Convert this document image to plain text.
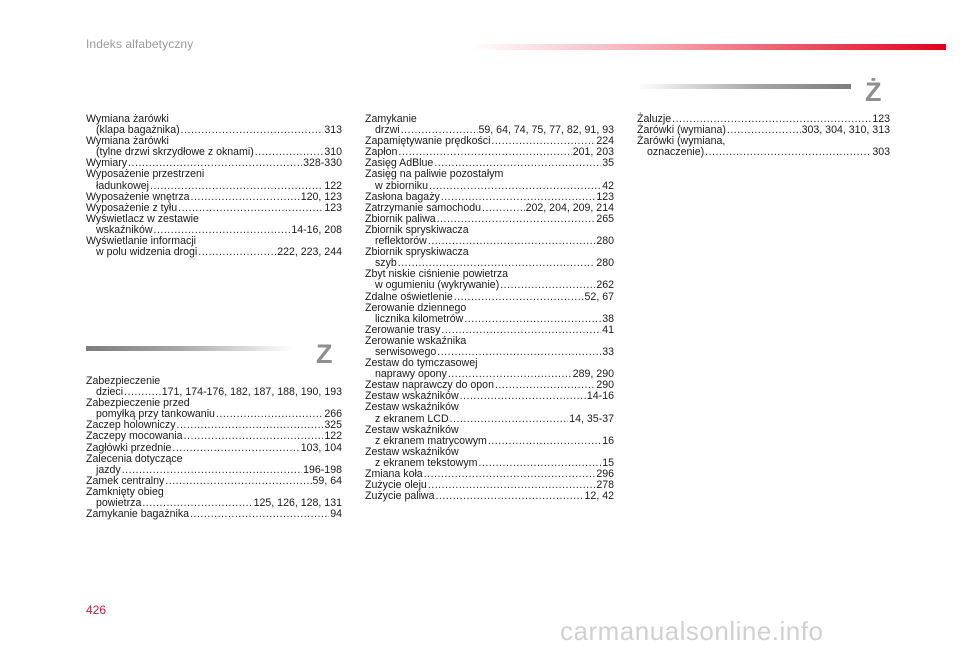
Indeks alfabetyczny
Wymiana żarówki
(klapa bagażnika) .....	313
Wymiana żarówki
(tylne drzwi skrzydłowe z oknami) .....	310
Wymiary .....	328-330
Wyposażenie przestrzeni
ładunkowej .....	122
Wyposażenie wnętrza .....	120, 123
Wyposażenie z tyłu .....	123
Wyświetlacz w zestawie
wskaźników .....	14-16, 208
Wyświetlanie informacji
w polu widzenia drogi .....	222, 223, 244
Z
Zabezpieczenie
dzieci .....	171, 174-176, 182, 187, 188, 190, 193
Zabezpieczenie przed
pomyłką przy tankowaniu .....	266
Zaczep holowniczy .....	325
Zaczepy mocowania .....	122
Zagłówki przednie .....	103, 104
Zalecenia dotyczące
jazdy .....	196-198
Zamek centralny .....	59, 64
Zamknięty obieg
powietrza .....	125, 126, 128, 131
Zamykanie bagażnika .....	94
Zamykanie
drzwi .....	59, 64, 74, 75, 77, 82, 91, 93
Zapamiętywanie prędkości .....	224
Zapłon .....	201, 203
Zasięg AdBlue .....	35
Zasięg na paliwie pozostałym
w zbiorniku .....	42
Zasłona bagaży .....	123
Zatrzymanie samochodu .....	202, 204, 209, 214
Zbiornik paliwa .....	265
Zbiornik spryskiwacza
reflektorów .....	280
Zbiornik spryskiwacza
szyb .....	280
Zbyt niskie ciśnienie powietrza
w ogumieniu (wykrywanie) .....	262
Zdalne oświetlenie .....	52, 67
Zerowanie dziennego
licznika kilometrów .....	38
Zerowanie trasy .....	41
Zerowanie wskaźnika
serwisowego .....	33
Zestaw do tymczasowej
naprawy opony .....	289, 290
Zestaw naprawczy do opon .....	290
Zestaw wskaźników .....	14-16
Zestaw wskaźników
z ekranem LCD .....	14, 35-37
Zestaw wskaźników
z ekranem matrycowym .....	16
Zestaw wskaźników
z ekranem tekstowym .....	15
Zmiana koła .....	296
Zużycie oleju .....	278
Zużycie paliwa .....	12, 42
Ż
Żaluzje .....	123
Żarówki (wymiana) .....	303, 304, 310, 313
Żarówki (wymiana,
oznaczenie) .....	303
426
carmanualsonline.info
